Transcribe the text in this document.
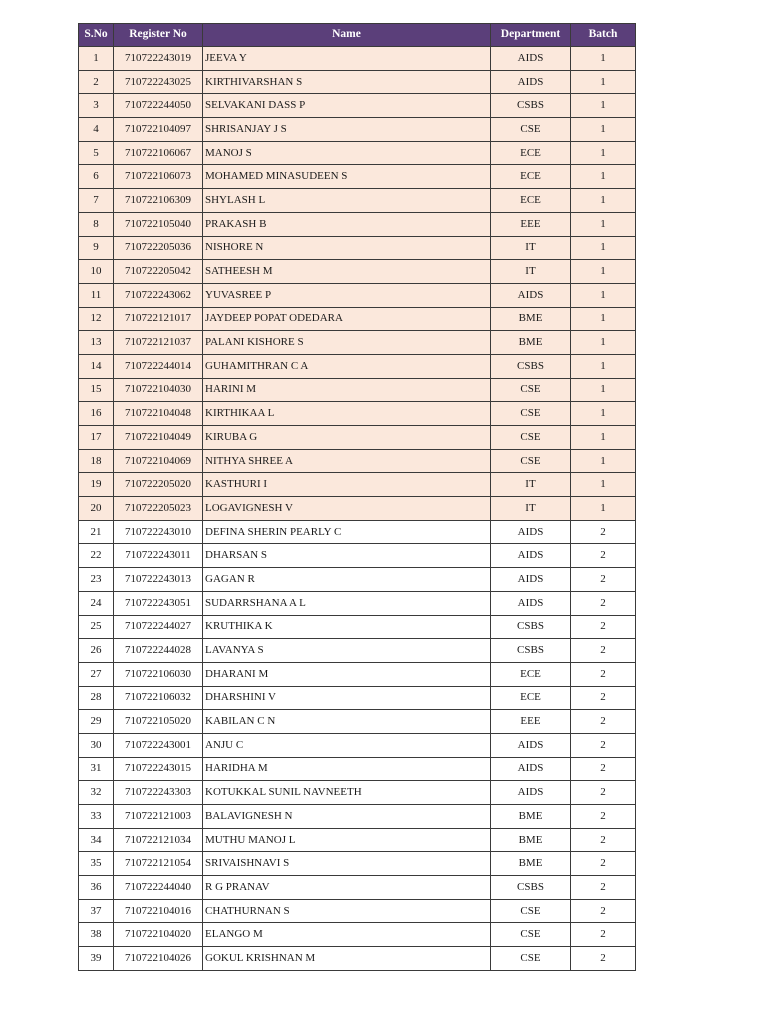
S.No	Register No	Name	Department	Batch
1	710722243019	JEEVA Y	AIDS	1
2	710722243025	KIRTHIVARSHAN S	AIDS	1
3	710722244050	SELVAKANI DASS P	CSBS	1
4	710722104097	SHRISANJAY J S	CSE	1
5	710722106067	MANOJ S	ECE	1
6	710722106073	MOHAMED MINASUDEEN S	ECE	1
7	710722106309	SHYLASH L	ECE	1
8	710722105040	PRAKASH B	EEE	1
9	710722205036	NISHORE N	IT	1
10	710722205042	SATHEESH M	IT	1
11	710722243062	YUVASREE P	AIDS	1
12	710722121017	JAYDEEP POPAT ODEDARA	BME	1
13	710722121037	PALANI KISHORE S	BME	1
14	710722244014	GUHAMITHRAN C A	CSBS	1
15	710722104030	HARINI M	CSE	1
16	710722104048	KIRTHIKAA L	CSE	1
17	710722104049	KIRUBA G	CSE	1
18	710722104069	NITHYA SHREE A	CSE	1
19	710722205020	KASTHURI I	IT	1
20	710722205023	LOGAVIGNESH V	IT	1
21	710722243010	DEFINA SHERIN PEARLY C	AIDS	2
22	710722243011	DHARSAN S	AIDS	2
23	710722243013	GAGAN R	AIDS	2
24	710722243051	SUDARRSHANA A L	AIDS	2
25	710722244027	KRUTHIKA K	CSBS	2
26	710722244028	LAVANYA S	CSBS	2
27	710722106030	DHARANI M	ECE	2
28	710722106032	DHARSHINI V	ECE	2
29	710722105020	KABILAN C N	EEE	2
30	710722243001	ANJU C	AIDS	2
31	710722243015	HARIDHA M	AIDS	2
32	710722243303	KOTUKKAL SUNIL NAVNEETH	AIDS	2
33	710722121003	BALAVIGNESH N	BME	2
34	710722121034	MUTHU MANOJ L	BME	2
35	710722121054	SRIVAISHNAVI S	BME	2
36	710722244040	R G PRANAV	CSBS	2
37	710722104016	CHATHURNAN S	CSE	2
38	710722104020	ELANGO M	CSE	2
39	710722104026	GOKUL KRISHNAN M	CSE	2
